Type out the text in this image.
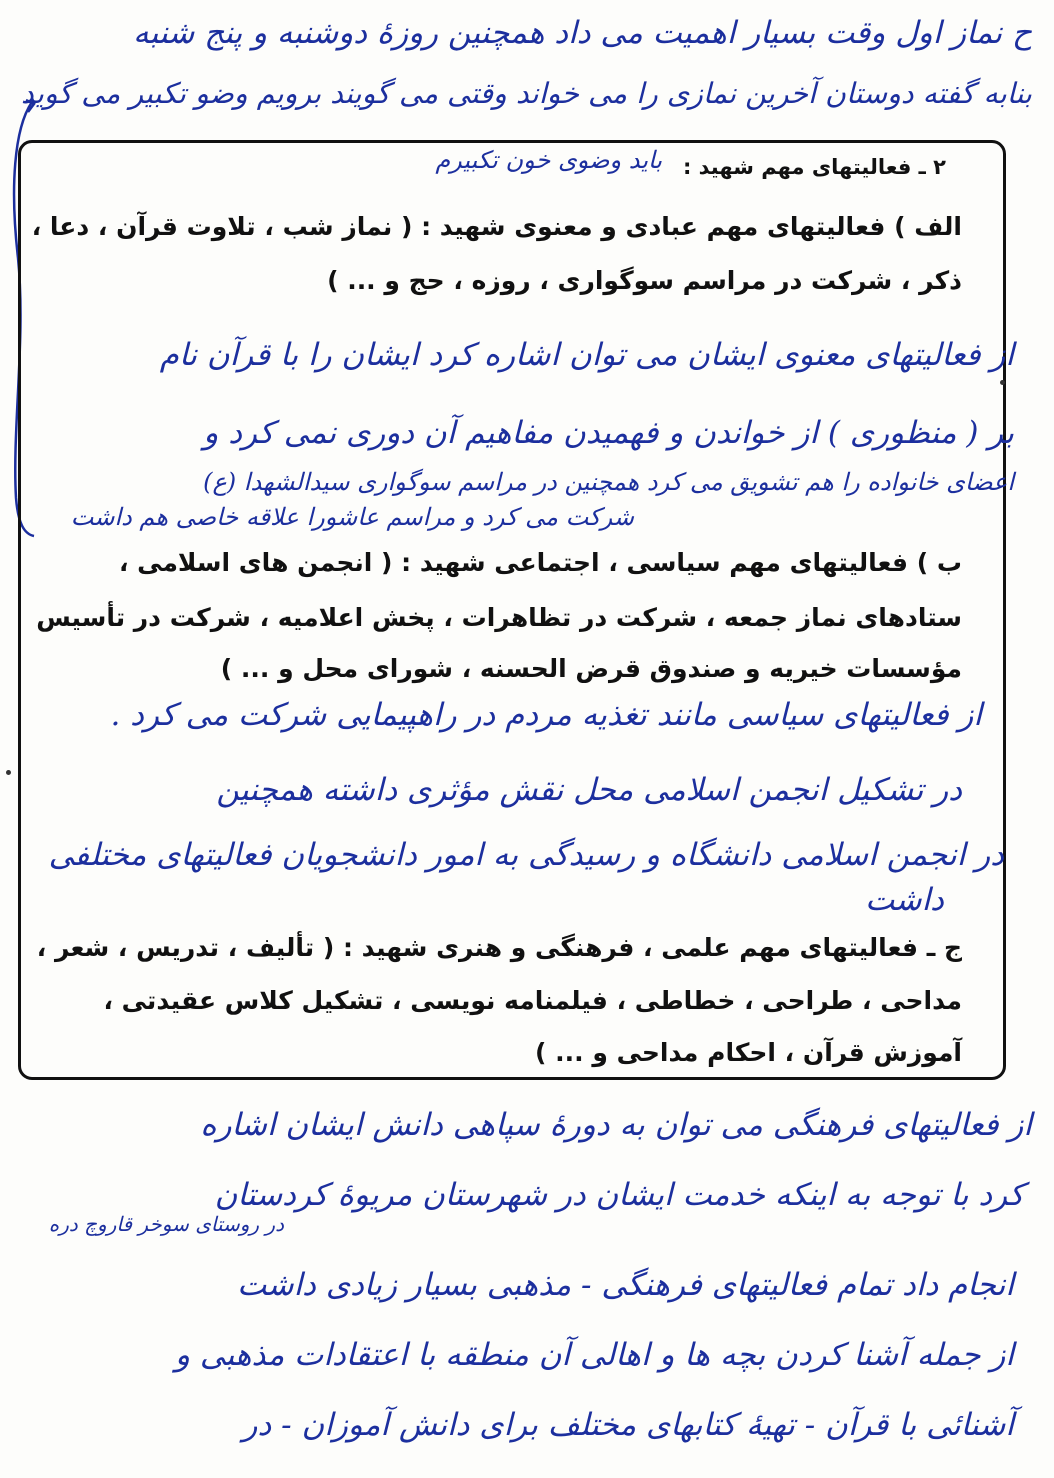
ح نماز اول وقت بسیار اهمیت می داد همچنین روزهٔ دوشنبه و پنج شنبه
بنابه گفته دوستان آخرین نمازی را می خواند وقتی می گویند برویم وضو تکبیر می گوید
۲ ـ فعالیتهای مهم شهید :
باید وضوی خون تکبیرم
الف ) فعالیتهای مهم عبادی و معنوی شهید : ( نماز شب ، تلاوت قرآن ، دعا ،
ذکر ، شرکت در مراسم سوگواری ، روزه ، حج و ... )
از فعالیتهای معنوی ایشان می توان اشاره کرد ایشان را با قرآن نام
بر ( منظوری ) از خواندن و فهمیدن مفاهیم آن دوری نمی کرد و
اعضای خانواده را هم تشویق می کرد همچنین در مراسم سوگواری سیدالشهدا (ع)
شرکت می کرد و مراسم عاشورا علاقه خاصی هم داشت
ب ) فعالیتهای مهم سیاسی ، اجتماعی شهید : ( انجمن های اسلامی ،
ستادهای نماز جمعه ، شرکت در تظاهرات ، پخش اعلامیه ، شرکت در تأسیس
مؤسسات خیریه و صندوق قرض الحسنه ، شورای محل و ... )
از فعالیتهای سیاسی مانند تغذیه مردم در راهپیمایی شرکت می کرد .
در تشکیل انجمن اسلامی محل نقش مؤثری داشته همچنین
در انجمن اسلامی دانشگاه و رسیدگی به امور دانشجویان فعالیتهای مختلفی
داشت
ج ـ فعالیتهای مهم علمی ، فرهنگی و هنری شهید : ( تألیف ، تدریس ، شعر ،
مداحی ، طراحی ، خطاطی ، فیلمنامه نویسی ، تشکیل کلاس عقیدتی ،
آموزش قرآن ، احکام مداحی و ... )
از فعالیتهای فرهنگی می توان به دورهٔ سپاهی دانش ایشان اشاره
کرد با توجه به اینکه خدمت ایشان در شهرستان مریوهٔ کردستان
در روستای سوخر قاروچ دره
انجام داد تمام فعالیتهای فرهنگی - مذهبی بسیار زیادی داشت
از جمله آشنا کردن بچه ها و اهالی آن منطقه با اعتقادات مذهبی و
آشنائی با قرآن - تهیهٔ کتابهای مختلف برای دانش آموزان - در
